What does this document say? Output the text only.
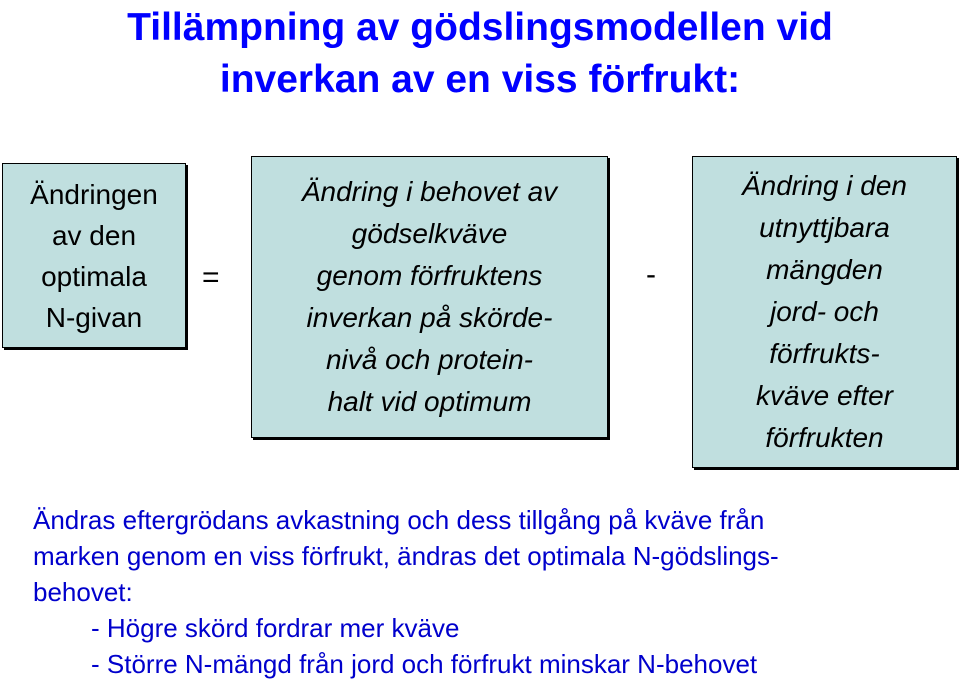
Tillämpning av gödslingsmodellen vid
inverkan av en viss förfrukt:
Ändringen
av den
optimala
N-givan
=
Ändring i behovet av
gödselkväve
genom förfruktens
inverkan på skörde-
nivå och protein-
halt vid optimum
-
Ändring i den
utnyttjbara
mängden
jord- och
förfrukts-
kväve efter
förfrukten
Ändras eftergrödans avkastning och dess tillgång på kväve från
marken genom en viss förfrukt, ändras det optimala N-gödslings-
behovet:
- Högre skörd fordrar mer kväve
- Större N-mängd från jord och förfrukt minskar N-behovet
